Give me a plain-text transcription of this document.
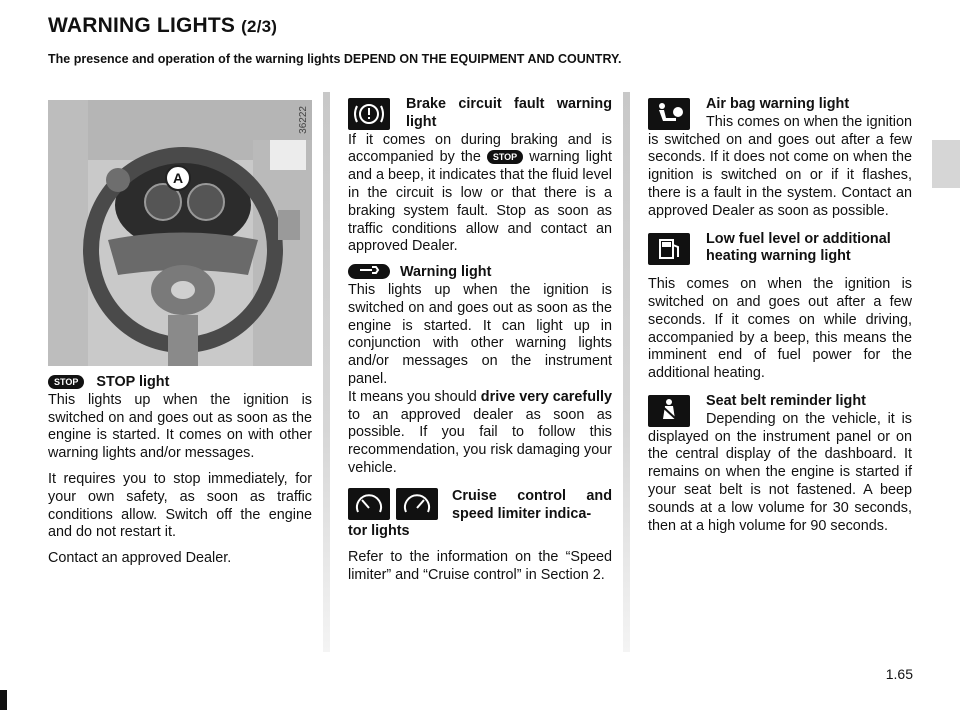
WARNING LIGHTS (2/3)

The presence and operation of the warning lights DEPEND ON THE EQUIPMENT AND COUNTRY.

36222
A
STOP STOP light
This lights up when the ignition is switched on and goes out as soon as the engine is started. It comes on with other warning lights and/or messages.

It requires you to stop immediately, for your own safety, as soon as traffic conditions allow. Switch off the engine and do not restart it.

Contact an approved Dealer.

Brake circuit fault warning light
If it comes on during braking and is accompanied by the STOP warning light and a beep, it indicates that the fluid level in the circuit is low or that there is a braking system fault. Stop as soon as traffic conditions allow and contact an approved Dealer.
Warning light

This lights up when the ignition is switched on and goes out as soon as the engine is started. It can light up in conjunction with other warning lights and/or messages on the instrument panel.

It means you should drive very carefully to an approved dealer as soon as possible. If you fail to follow this recommendation, you risk damaging your vehicle.

Cruise control and speed limiter indica-
tor lights

Refer to the information on the “Speed limiter” and “Cruise control” in Section 2.

Air bag warning light
This comes on when the ignition is switched on and goes out after a few seconds. If it does not come on when the ignition is switched on or if it flashes, there is a fault in the system. Contact an approved Dealer as soon as possible.
Low fuel level or additional heating warning light

This comes on when the ignition is switched on and goes out after a few seconds. If it comes on while driving, accompanied by a beep, this means the imminent end of fuel power for the additional heating.

Seat belt reminder light
Depending on the vehicle, it is displayed on the instrument panel or on the central display of the dashboard. It remains on when the engine is started if your seat belt is not fastened. A beep sounds at a low volume for 30 seconds, then at a high volume for 90 seconds.
1.65
